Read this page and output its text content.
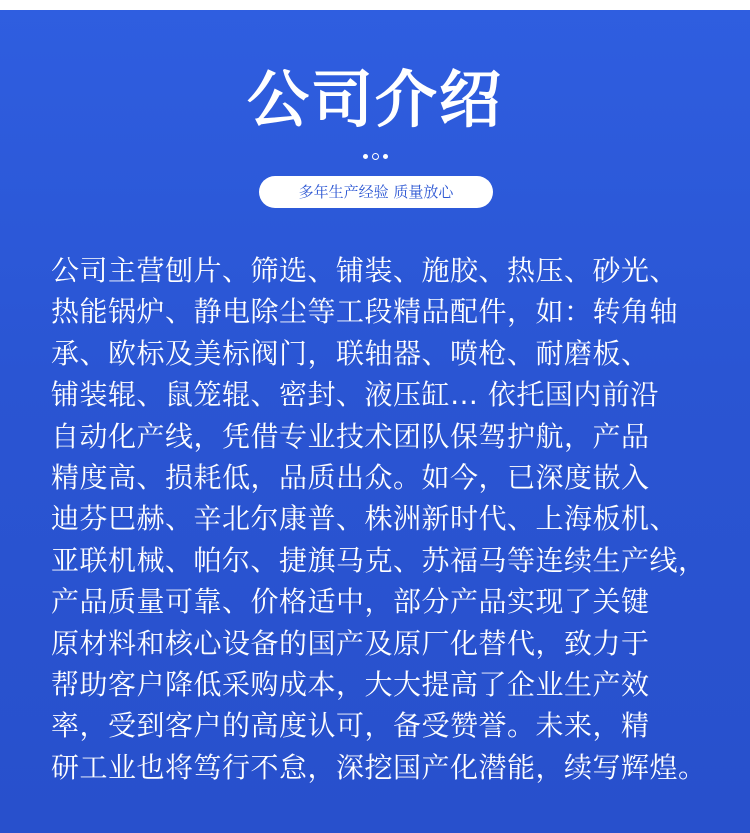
公司介绍
多年生产经验 质量放心
公司主营刨片、筛选、铺装、施胶、热压、砂光、
热能锅炉、静电除尘等工段精品配件，如：转角轴
承、欧标及美标阀门，联轴器、喷枪、耐磨板、
铺装辊、鼠笼辊、密封、液压缸… 依托国内前沿
自动化产线，凭借专业技术团队保驾护航，产品
精度高、损耗低，品质出众。如今，已深度嵌入
迪芬巴赫、辛北尔康普、株洲新时代、上海板机、
亚联机械、帕尔、捷旗马克、苏福马等连续生产线，
产品质量可靠、价格适中，部分产品实现了关键
原材料和核心设备的国产及原厂化替代，致力于
帮助客户降低采购成本，大大提高了企业生产效
率，受到客户的高度认可，备受赞誉。未来，精
研工业也将笃行不怠，深挖国产化潜能，续写辉煌。
